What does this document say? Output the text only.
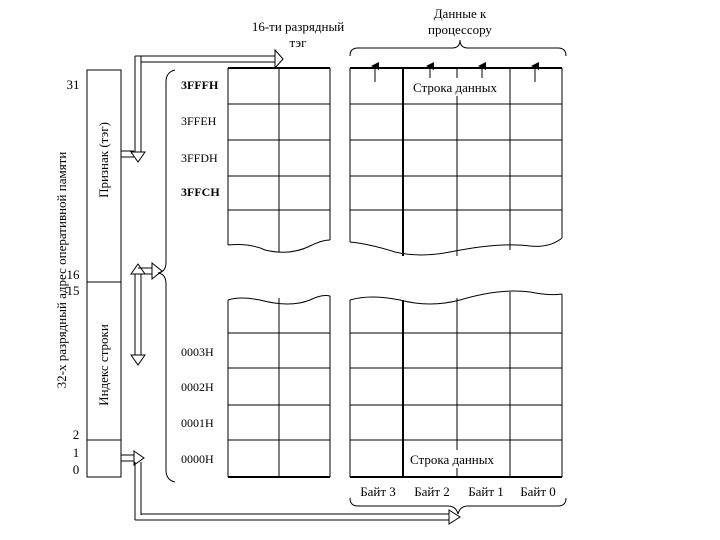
32-х разрядный адрес оперативной памяти Признак (тэг)
Индекс строки
31
16
15
2
1
0
16-ти разрядный
тэг
Данные к
процессору
Строка данных
Строка данных
3FFFH
3FFEH
3FFDH
3FFCH
0003H
0002H
0001H
0000H
Байт 3 Байт 2 Байт 1 Байт 0
